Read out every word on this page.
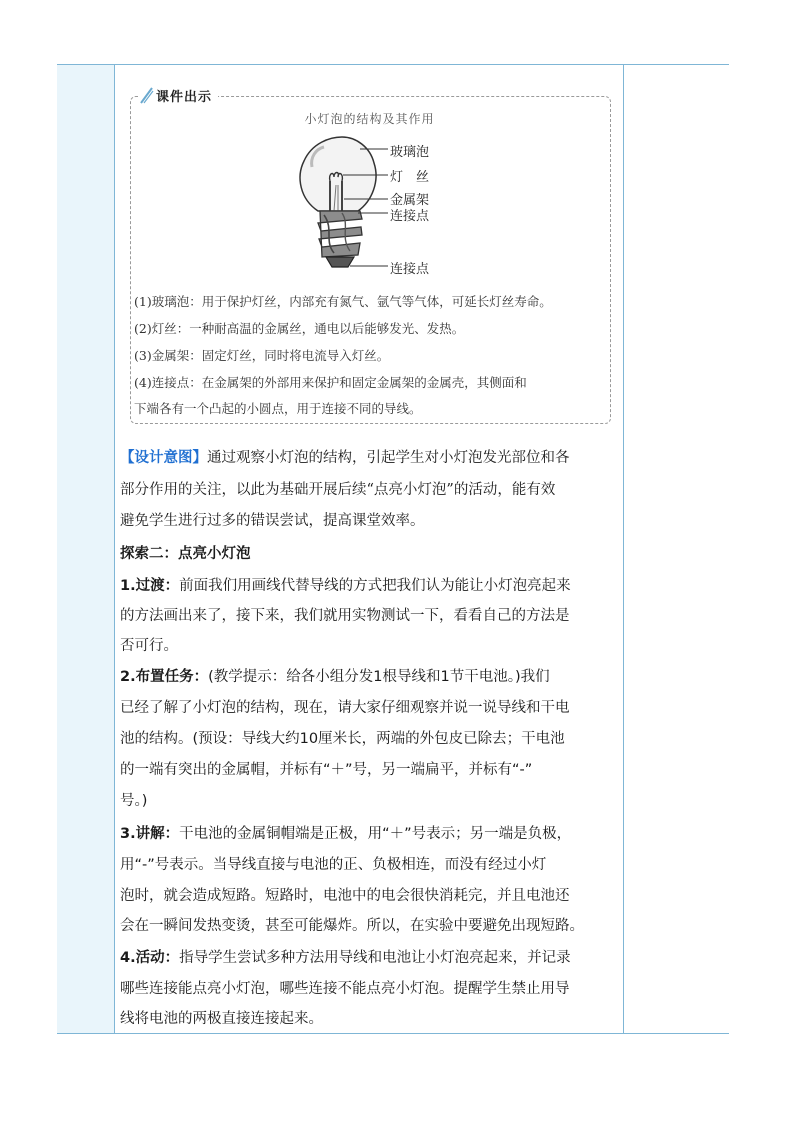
课件出示
小灯泡的结构及其作用
玻璃泡
灯　丝
金属架
连接点
连接点
(1)玻璃泡：用于保护灯丝，内部充有氮气、氩气等气体，可延长灯丝寿命。
(2)灯丝：一种耐高温的金属丝，通电以后能够发光、发热。
(3)金属架：固定灯丝，同时将电流导入灯丝。
(4)连接点：在金属架的外部用来保护和固定金属架的金属壳，其侧面和
下端各有一个凸起的小圆点，用于连接不同的导线。
【设计意图】通过观察小灯泡的结构，引起学生对小灯泡发光部位和各
部分作用的关注，以此为基础开展后续“点亮小灯泡”的活动，能有效
避免学生进行过多的错误尝试，提高课堂效率。
探索二：点亮小灯泡
1.过渡：前面我们用画线代替导线的方式把我们认为能让小灯泡亮起来
的方法画出来了，接下来，我们就用实物测试一下，看看自己的方法是
否可行。
2.布置任务：(教学提示：给各小组分发1根导线和1节干电池。)我们
已经了解了小灯泡的结构，现在，请大家仔细观察并说一说导线和干电
池的结构。(预设：导线大约10厘米长，两端的外包皮已除去；干电池
的一端有突出的金属帽，并标有“＋”号，另一端扁平，并标有“-”
号。)
3.讲解：干电池的金属铜帽端是正极，用“＋”号表示；另一端是负极，
用“-”号表示。当导线直接与电池的正、负极相连，而没有经过小灯
泡时，就会造成短路。短路时，电池中的电会很快消耗完，并且电池还
会在一瞬间发热变烫，甚至可能爆炸。所以，在实验中要避免出现短路。
4.活动：指导学生尝试多种方法用导线和电池让小灯泡亮起来，并记录
哪些连接能点亮小灯泡，哪些连接不能点亮小灯泡。提醒学生禁止用导
线将电池的两极直接连接起来。
